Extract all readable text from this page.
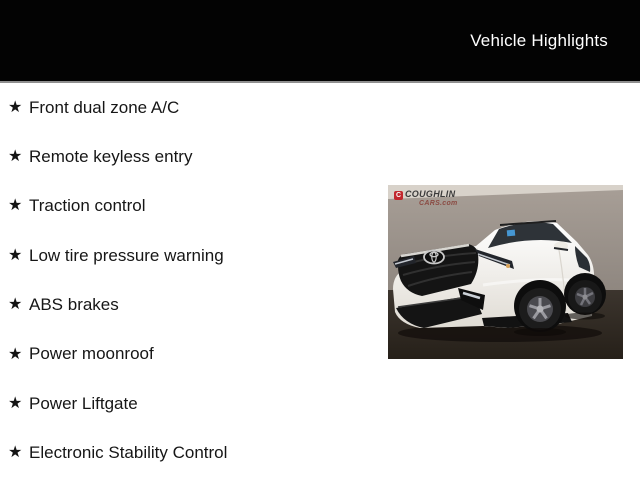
Vehicle Highlights
★ Front dual zone A/C
★ Remote keyless entry
★ Traction control
★ Low tire pressure warning
★ ABS brakes
★ Power moonroof
★ Power Liftgate
★ Electronic Stability Control
C COUGHLIN
CARS.com
